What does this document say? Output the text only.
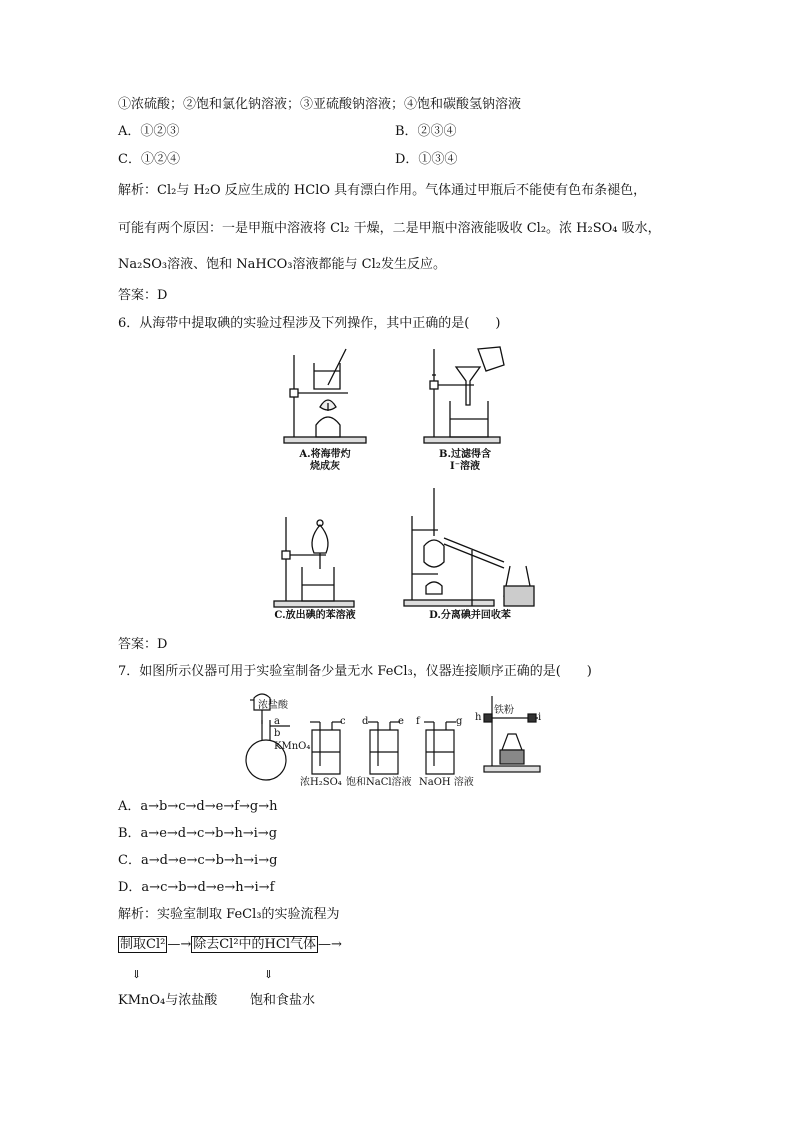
①浓硫酸；②饱和氯化钠溶液；③亚硫酸钠溶液；④饱和碳酸氢钠溶液
A．①②③	B．②③④
C．①②④	D．①③④
解析：Cl₂与 H₂O 反应生成的 HClO 具有漂白作用。气体通过甲瓶后不能使有色布条褪色，
可能有两个原因：一是甲瓶中溶液将 Cl₂ 干燥，二是甲瓶中溶液能吸收 Cl₂。浓 H₂SO₄ 吸水，
Na₂SO₃溶液、饱和 NaHCO₃溶液都能与 Cl₂发生反应。
答案：D
6．从海带中提取碘的实验过程涉及下列操作，其中正确的是(　　)
A.将海带灼
烧成灰
B.过滤得含
I⁻溶液
C.放出碘的苯溶液	D.分离碘并回收苯
答案：D
7．如图所示仪器可用于实验室制备少量无水 FeCl₃，仪器连接顺序正确的是(　　)
浓盐酸
a
b
KMnO₄
c d	e f	g h	i
铁粉
浓H₂SO₄ 饱和NaCl溶液 NaOH 溶液
A．a→b→c→d→e→f→g→h
B．a→e→d→c→b→h→i→g
C．a→d→e→c→b→h→i→g
D．a→c→b→d→e→h→i→f
解析：实验室制取 FeCl₃的实验流程为
制取Cl² —→ 除去Cl²中的HCl气体 —→
⇓	⇓
KMnO₄与浓盐酸	饱和食盐水
